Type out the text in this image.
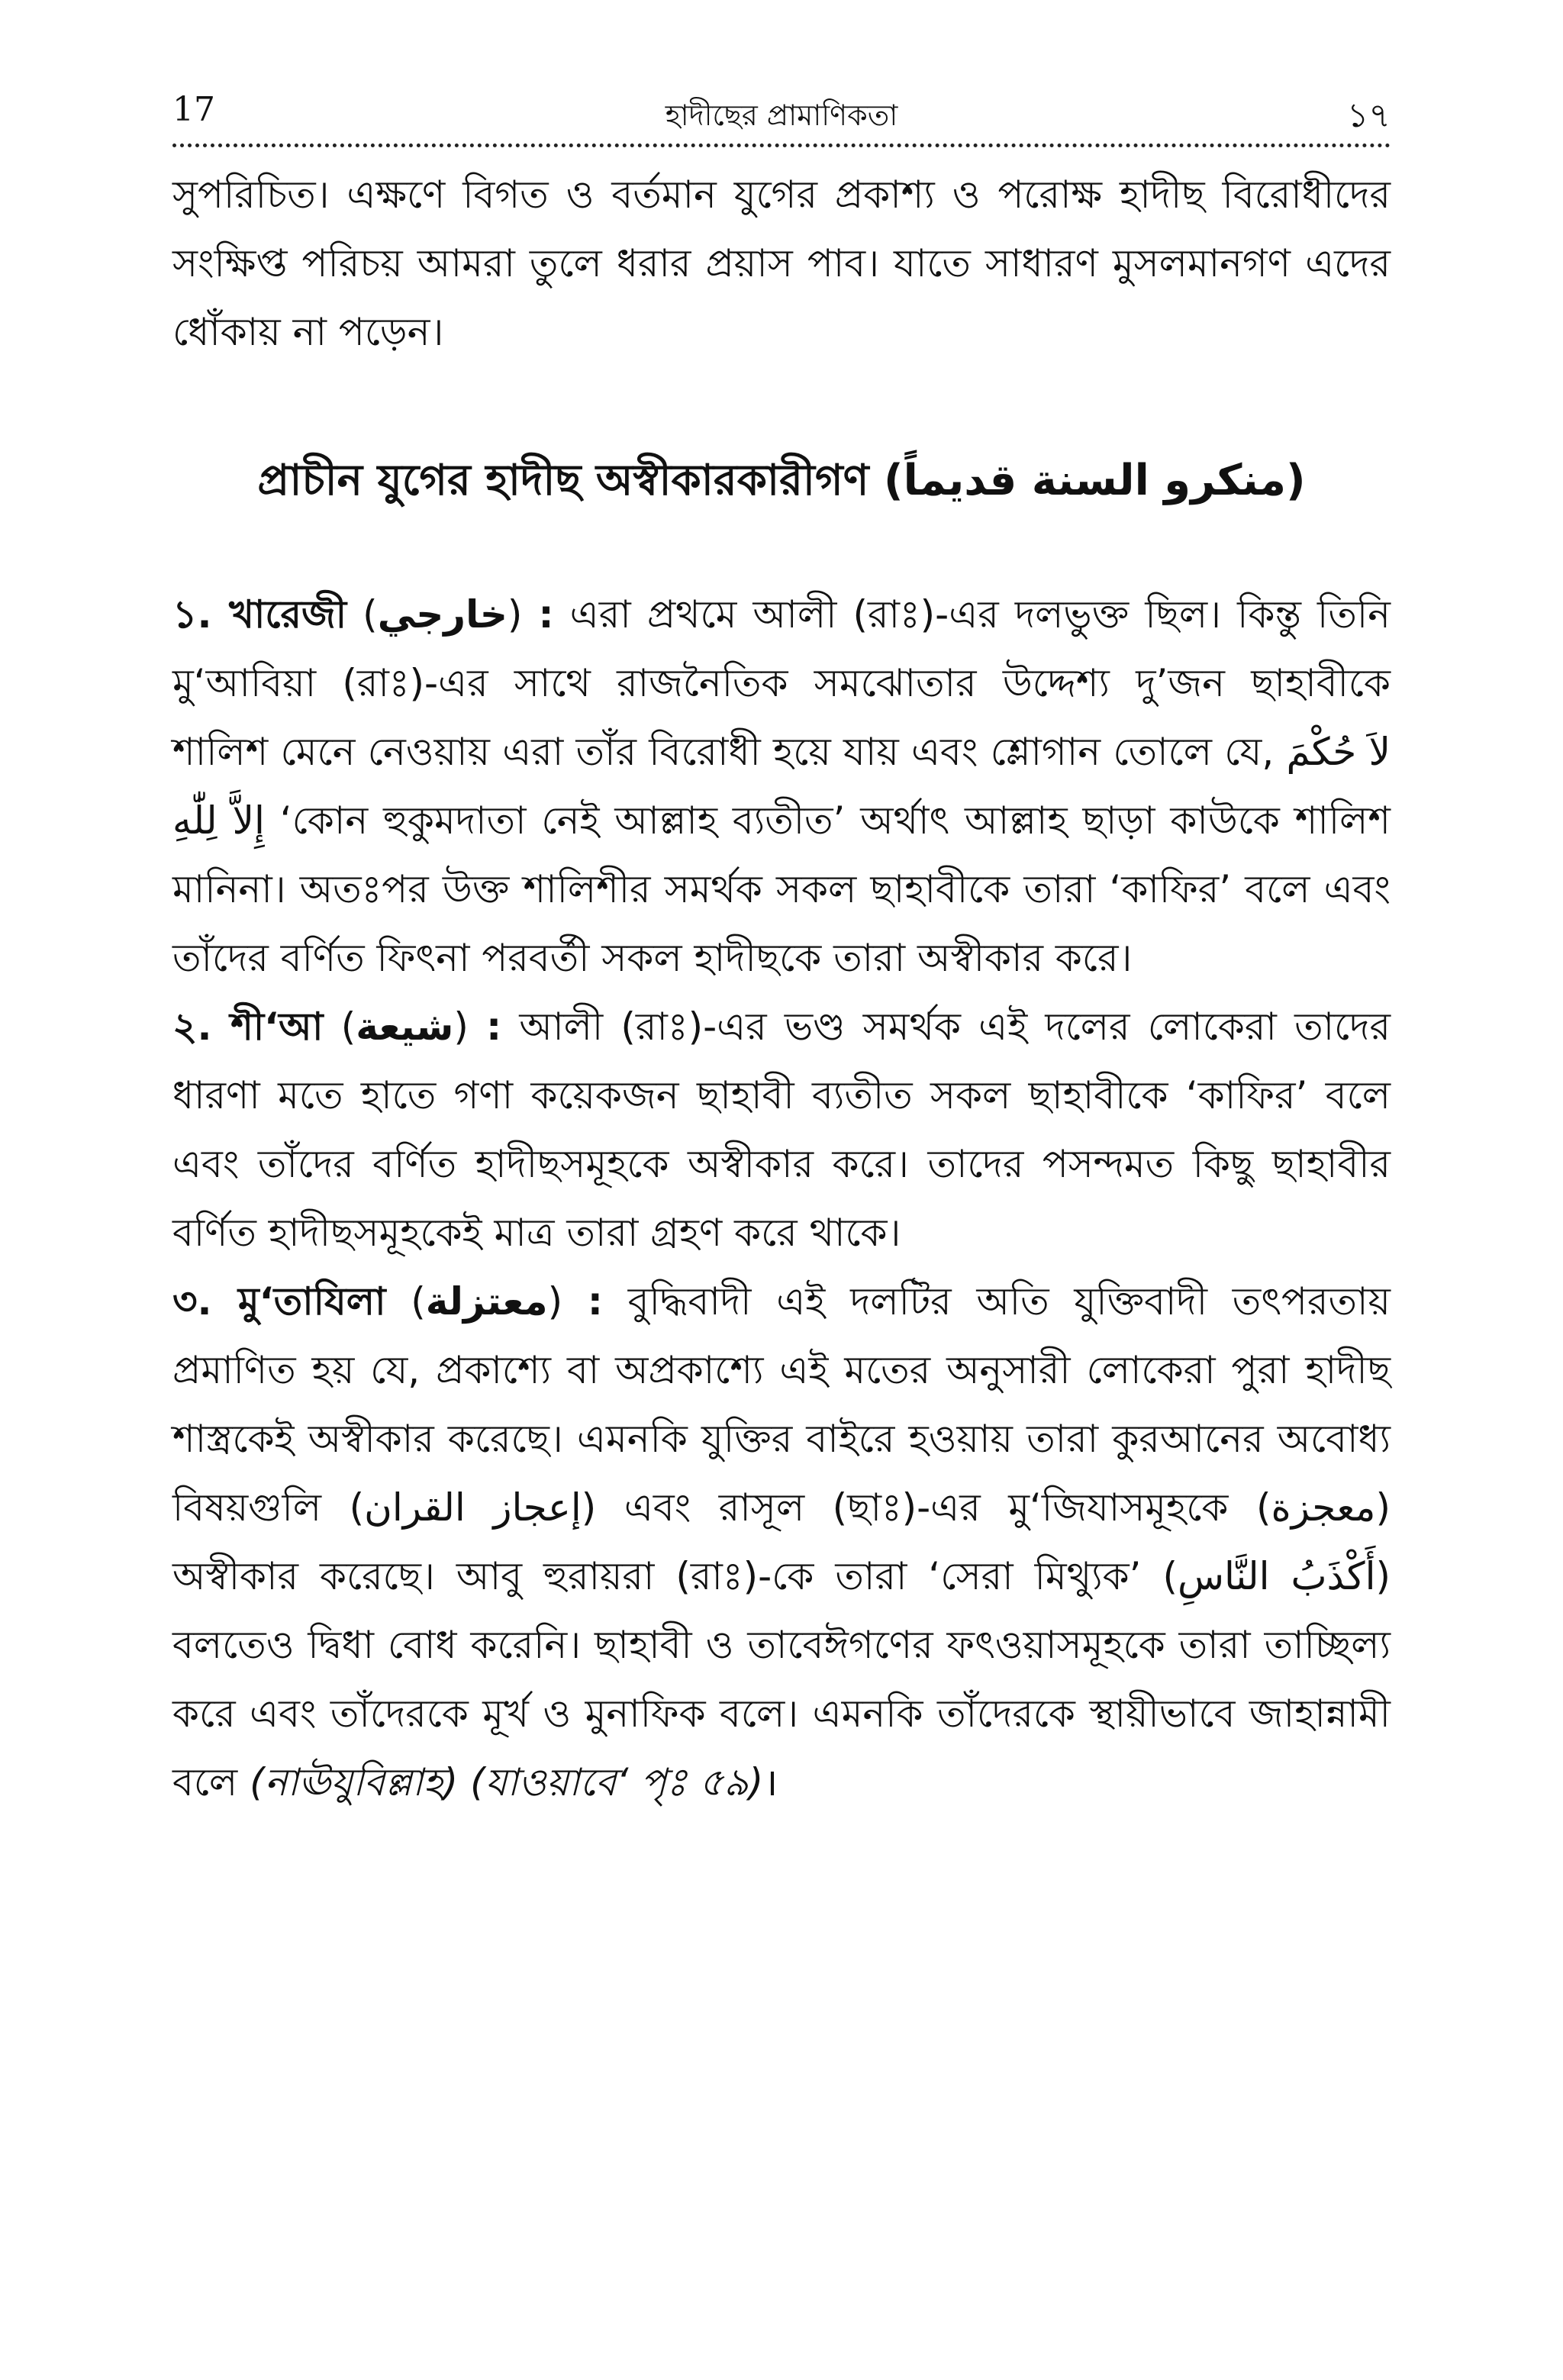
17	হাদীছের প্রামাণিকতা	১৭

সুপরিচিত। এক্ষণে বিগত ও বর্তমান যুগের প্রকাশ্য ও পরোক্ষ হাদীছ বিরোধীদের সংক্ষিপ্ত পরিচয় আমরা তুলে ধরার প্রয়াস পাব। যাতে সাধারণ মুসলমানগণ এদের ধোঁকায় না পড়েন।

প্রাচীন যুগের হাদীছ অস্বীকারকারীগণ (منكرو السنة قديماً)

১. খারেজী (خارجي) : এরা প্রথমে আলী (রাঃ)-এর দলভুক্ত ছিল। কিন্তু তিনি মু‘আবিয়া (রাঃ)-এর সাথে রাজনৈতিক সমঝোতার উদ্দেশ্য দু’জন ছাহাবীকে শালিশ মেনে নেওয়ায় এরা তাঁর বিরোধী হয়ে যায় এবং শ্লোগান তোলে যে, لاَ حُكْمَ إِلاَّ لِلّٰهِ ‘কোন হুকুমদাতা নেই আল্লাহ ব্যতীত’ অর্থাৎ আল্লাহ ছাড়া কাউকে শালিশ মানিনা। অতঃপর উক্ত শালিশীর সমর্থক সকল ছাহাবীকে তারা ‘কাফির’ বলে এবং তাঁদের বর্ণিত ফিৎনা পরবর্তী সকল হাদীছকে তারা অস্বীকার করে।

২. শী‘আ (شيعة) : আলী (রাঃ)-এর ভণ্ড সমর্থক এই দলের লোকেরা তাদের ধারণা মতে হাতে গণা কয়েকজন ছাহাবী ব্যতীত সকল ছাহাবীকে ‘কাফির’ বলে এবং তাঁদের বর্ণিত হাদীছসমূহকে অস্বীকার করে। তাদের পসন্দমত কিছু ছাহাবীর বর্ণিত হাদীছসমূহকেই মাত্র তারা গ্রহণ করে থাকে।

৩. মু‘তাযিলা (معتزلة) : বুদ্ধিবাদী এই দলটির অতি যুক্তিবাদী তৎপরতায় প্রমাণিত হয় যে, প্রকাশ্যে বা অপ্রকাশ্যে এই মতের অনুসারী লোকেরা পুরা হাদীছ শাস্ত্রকেই অস্বীকার করেছে। এমনকি যুক্তির বাইরে হওয়ায় তারা কুরআনের অবোধ্য বিষয়গুলি (إعجاز القران) এবং রাসূল (ছাঃ)-এর মু‘জিযাসমূহকে (معجزة) অস্বীকার করেছে। আবু হুরায়রা (রাঃ)-কে তারা ‘সেরা মিথ্যুক’ (أَكْذَبُ النَّاسِ) বলতেও দ্বিধা বোধ করেনি। ছাহাবী ও তাবেঈগণের ফৎওয়াসমূহকে তারা তাচ্ছিল্য করে এবং তাঁদেরকে মূর্খ ও মুনাফিক বলে। এমনকি তাঁদেরকে স্থায়ীভাবে জাহান্নামী বলে (নাঊযুবিল্লাহ) (যাওয়াবে‘ পৃঃ ৫৯)।
